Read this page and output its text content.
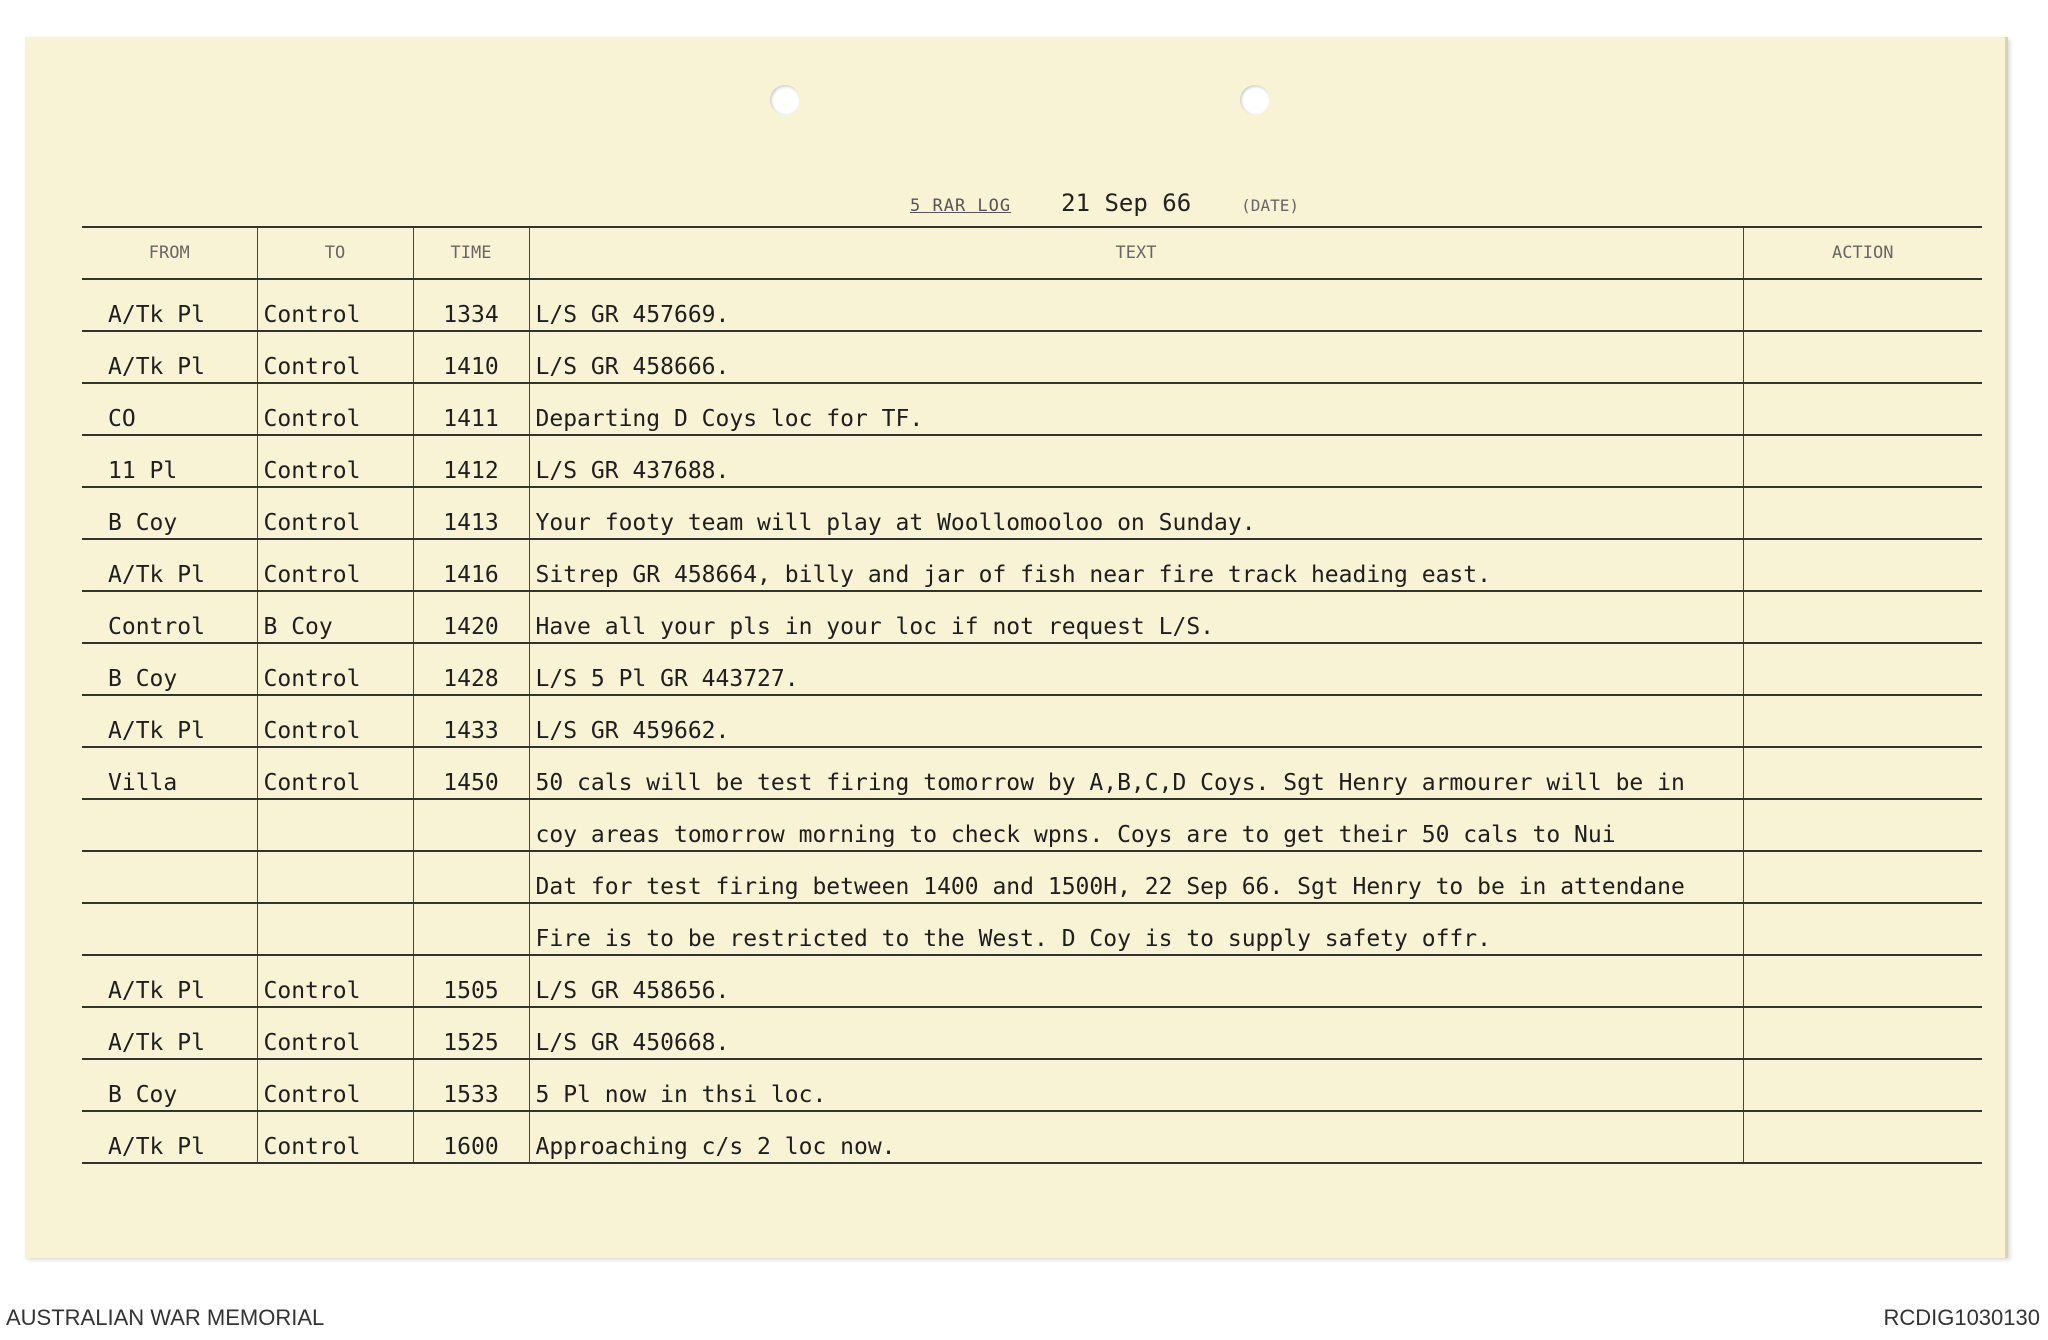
5 RAR LOG 21 Sep 66	(DATE)
FROM	TO	TIME	TEXT	ACTION
A/Tk Pl	Control	1334	L/S GR 457669.	
A/Tk Pl	Control	1410	L/S GR 458666.	
CO	Control	1411	Departing D Coys loc for TF.	
11 Pl	Control	1412	L/S GR 437688.	
B Coy	Control	1413	Your footy team will play at Woollomooloo on Sunday.	
A/Tk Pl	Control	1416	Sitrep GR 458664, billy and jar of fish near fire track heading east.	
Control	B Coy	1420	Have all your pls in your loc if not request L/S.	
B Coy	Control	1428	L/S 5 Pl GR 443727.	
A/Tk Pl	Control	1433	L/S GR 459662.	
Villa	Control	1450	50 cals will be test firing tomorrow by A,B,C,D Coys. Sgt Henry armourer will be in	
			coy areas tomorrow morning to check wpns. Coys are to get their 50 cals to Nui	
			Dat for test firing between 1400 and 1500H, 22 Sep 66. Sgt Henry to be in attendane	
			Fire is to be restricted to the West. D Coy is to supply safety offr.	
A/Tk Pl	Control	1505	L/S GR 458656.	
A/Tk Pl	Control	1525	L/S GR 450668.	
B Coy	Control	1533	5 Pl now in thsi loc.	
A/Tk Pl	Control	1600	Approaching c/s 2 loc now.	
AUSTRALIAN WAR MEMORIAL	RCDIG1030130
